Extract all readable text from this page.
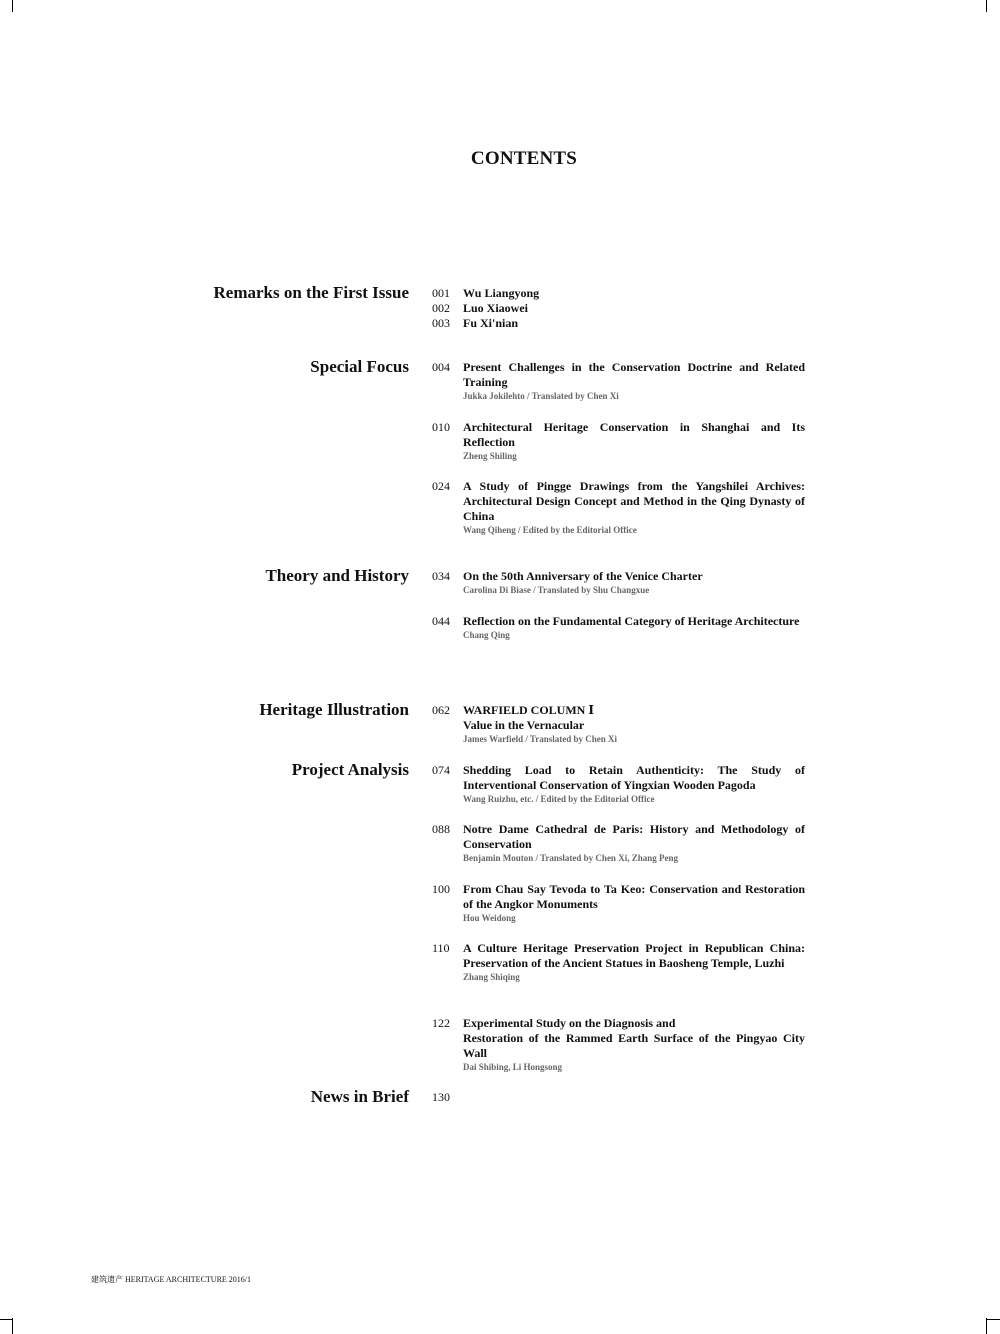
CONTENTS
Remarks on the First Issue 001	Wu Liangyong
002	Luo Xiaowei
003	Fu Xi'nian
Special Focus 004	Present Challenges in the Conservation Doctrine and Related Training
Jukka Jokilehto / Translated by Chen Xi
010	Architectural Heritage Conservation in Shanghai and Its Reflection
Zheng Shiling
024	A Study of Pingge Drawings from the Yangshilei Archives: Architectural Design Concept and Method in the Qing Dynasty of China
Wang Qiheng / Edited by the Editorial Office
Theory and History 034	On the 50th Anniversary of the Venice Charter
Carolina Di Biase / Translated by Shu Changxue
044	Reflection on the Fundamental Category of Heritage Architecture
Chang Qing
Heritage Illustration 062	WARFIELD COLUMN Ⅰ
Value in the Vernacular
James Warfield / Translated by Chen Xi
Project Analysis 074	Shedding Load to Retain Authenticity: The Study of Interventional Conservation of Yingxian Wooden Pagoda
Wang Ruizhu, etc. / Edited by the Editorial Office
088	Notre Dame Cathedral de Paris: History and Methodology of Conservation
Benjamin Mouton / Translated by Chen Xi, Zhang Peng
100	From Chau Say Tevoda to Ta Keo: Conservation and Restoration of the Angkor Monuments
Hou Weidong
110	A Culture Heritage Preservation Project in Republican China: Preservation of the Ancient Statues in Baosheng Temple, Luzhi
Zhang Shiqing
122	Experimental Study on the Diagnosis and
Restoration of the Rammed Earth Surface of the Pingyao City Wall
Dai Shibing, Li Hongsong
News in Brief 130
建筑遗产 HERITAGE ARCHITECTURE 2016/1
